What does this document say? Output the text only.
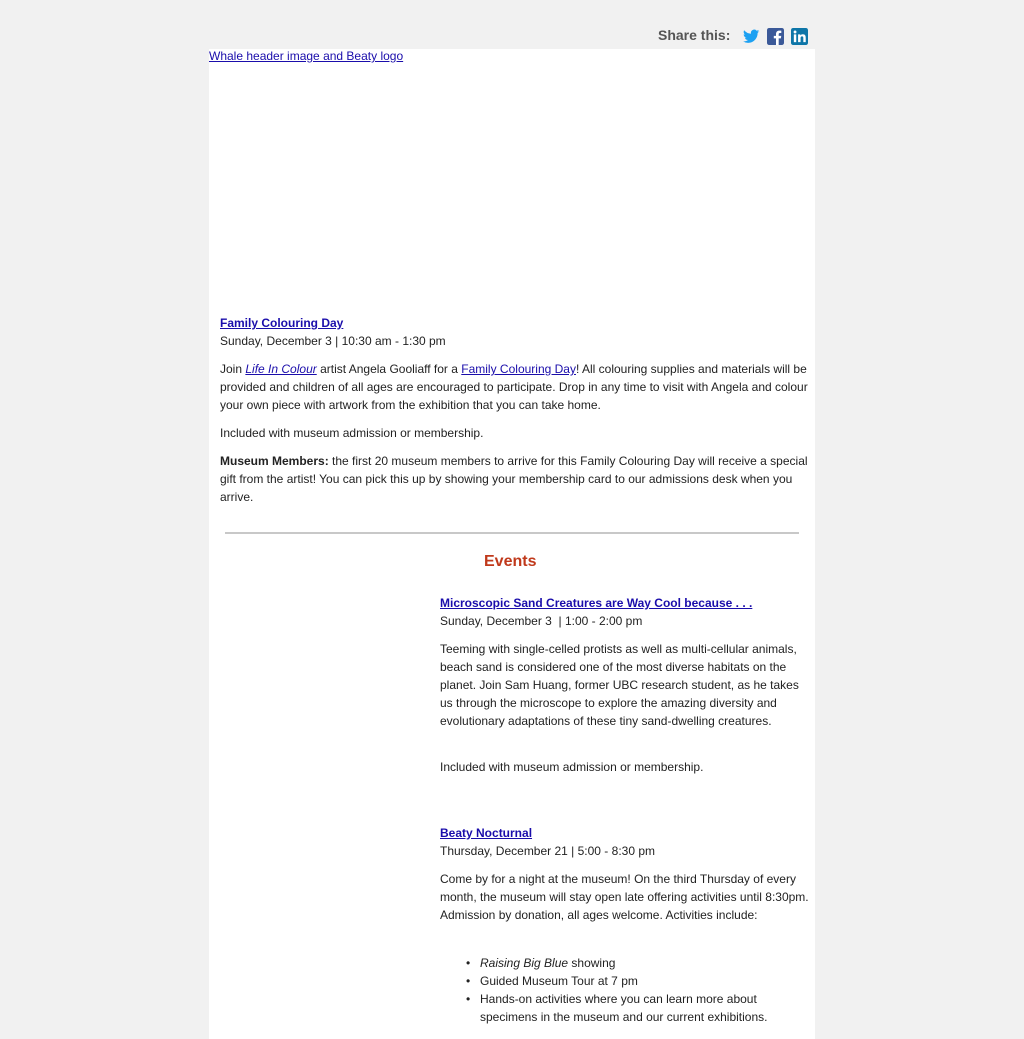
Share this:
Whale header image and Beaty logo

Family Colouring Day

Sunday, December 3 | 10:30 am - 1:30 pm

Join Life In Colour artist Angela Gooliaff for a Family Colouring Day! All colouring supplies and materials will be provided and children of all ages are encouraged to participate. Drop in any time to visit with Angela and colour your own piece with artwork from the exhibition that you can take home.

Included with museum admission or membership.

Museum Members: the first 20 museum members to arrive for this Family Colouring Day will receive a special gift from the artist! You can pick this up by showing your membership card to our admissions desk when you arrive.

Events

Microscopic Sand Creatures are Way Cool because . . .

Sunday, December 3  | 1:00 - 2:00 pm

Teeming with single-celled protists as well as multi-cellular animals, beach sand is considered one of the most diverse habitats on the planet. Join Sam Huang, former UBC research student, as he takes us through the microscope to explore the amazing diversity and evolutionary adaptations of these tiny sand-dwelling creatures.

Included with museum admission or membership.

Beaty Nocturnal

Thursday, December 21 | 5:00 - 8:30 pm

Come by for a night at the museum! On the third Thursday of every month, the museum will stay open late offering activities until 8:30pm. Admission by donation, all ages welcome. Activities include:

• Raising Big Blue showing
• Guided Museum Tour at 7 pm
• Hands-on activities where you can learn more about specimens in the museum and our current exhibitions.
